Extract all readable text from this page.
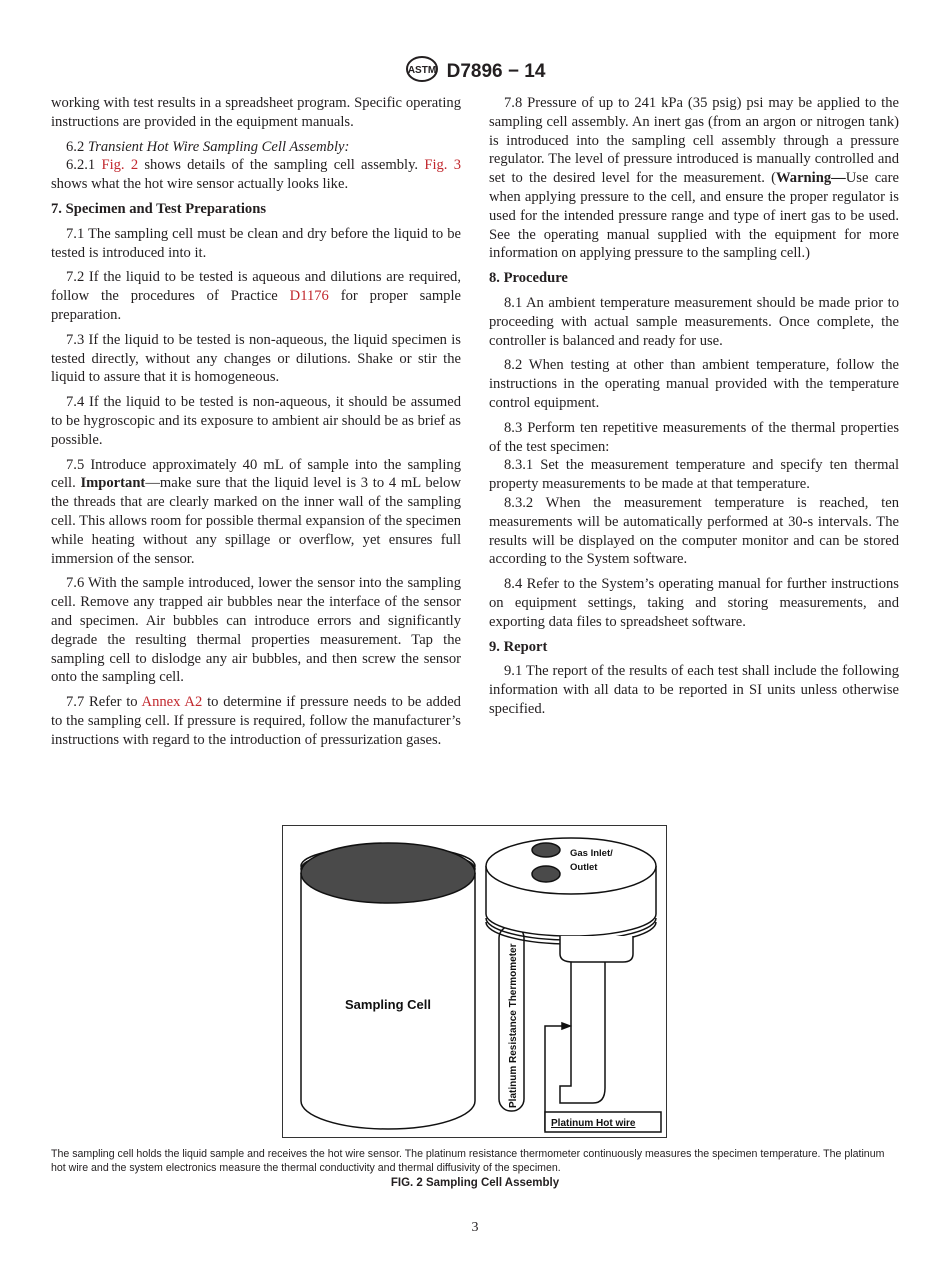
ASTM D7896 − 14

working with test results in a spreadsheet program. Specific operating instructions are provided in the equipment manuals.

6.2 Transient Hot Wire Sampling Cell Assembly:

6.2.1 Fig. 2 shows details of the sampling cell assembly. Fig. 3 shows what the hot wire sensor actually looks like.

7. Specimen and Test Preparations

7.1 The sampling cell must be clean and dry before the liquid to be tested is introduced into it.

7.2 If the liquid to be tested is aqueous and dilutions are required, follow the procedures of Practice D1176 for proper sample preparation.

7.3 If the liquid to be tested is non-aqueous, the liquid specimen is tested directly, without any changes or dilutions. Shake or stir the liquid to assure that it is homogeneous.

7.4 If the liquid to be tested is non-aqueous, it should be assumed to be hygroscopic and its exposure to ambient air should be as brief as possible.

7.5 Introduce approximately 40 mL of sample into the sampling cell. Important—make sure that the liquid level is 3 to 4 mL below the threads that are clearly marked on the inner wall of the sampling cell. This allows room for possible thermal expansion of the specimen while heating without any spillage or overflow, yet ensures full immersion of the sensor.

7.6 With the sample introduced, lower the sensor into the sampling cell. Remove any trapped air bubbles near the interface of the sensor and specimen. Air bubbles can introduce errors and significantly degrade the resulting thermal properties measurement. Tap the sampling cell to dislodge any air bubbles, and then screw the sensor onto the sampling cell.

7.7 Refer to Annex A2 to determine if pressure needs to be added to the sampling cell. If pressure is required, follow the manufacturer’s instructions with regard to the introduction of pressurization gases.

7.8 Pressure of up to 241 kPa (35 psig) psi may be applied to the sampling cell assembly. An inert gas (from an argon or nitrogen tank) is introduced into the sampling cell assembly through a pressure regulator. The level of pressure introduced is manually controlled and set to the desired level for the measurement. (Warning—Use care when applying pressure to the cell, and ensure the proper regulator is used for the intended pressure range and type of inert gas to be used. See the operating manual supplied with the equipment for more information on applying pressure to the sampling cell.)

8. Procedure

8.1 An ambient temperature measurement should be made prior to proceeding with actual sample measurements. Once complete, the controller is balanced and ready for use.

8.2 When testing at other than ambient temperature, follow the instructions in the operating manual provided with the temperature control equipment.

8.3 Perform ten repetitive measurements of the thermal properties of the test specimen:

8.3.1 Set the measurement temperature and specify ten thermal property measurements to be made at that temperature.

8.3.2 When the measurement temperature is reached, ten measurements will be automatically performed at 30-s intervals. The results will be displayed on the computer monitor and can be stored according to the System software.

8.4 Refer to the System’s operating manual for further instructions on equipment settings, taking and storing measurements, and exporting data files to spreadsheet software.

9. Report

9.1 The report of the results of each test shall include the following information with all data to be reported in SI units unless otherwise specified.

Sampling Cell
Gas Inlet/
Outlet
Platinum Resistance Thermometer
Platinum Hot wire
The sampling cell holds the liquid sample and receives the hot wire sensor. The platinum resistance thermometer continuously measures the specimen temperature. The platinum hot wire and the system electronics measure the thermal conductivity and thermal diffusivity of the specimen.
FIG. 2 Sampling Cell Assembly
3
